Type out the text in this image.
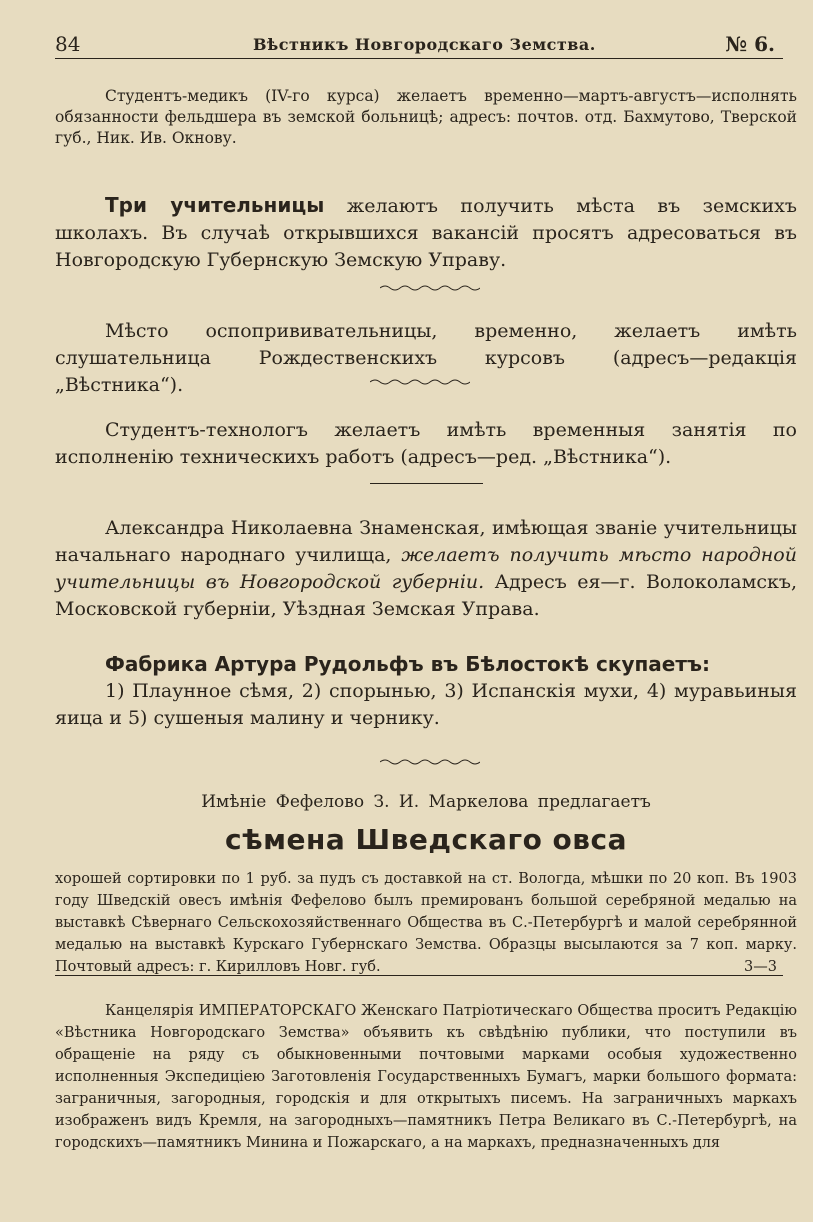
84	Вѣстникъ Новгородскаго Земства.	№ 6.

Студентъ-медикъ (IV-го курса) желаетъ временно—мартъ-августъ—исполнять обязанности фельдшера въ земской больницѣ; адресъ: почтов. отд. Бахмутово, Тверской губ., Ник. Ив. Окнову.

Три учительницы желаютъ получить мѣста въ земскихъ школахъ. Въ случаѣ открывшихся вакансій просятъ адресоваться въ Новгородскую Губернскую Земскую Управу.

Мѣсто оспопрививательницы, временно, желаетъ имѣть слушательница Рождественскихъ курсовъ (адресъ—редакція „Вѣстника“).

Студентъ-технологъ желаетъ имѣть временныя занятія по исполненію техническихъ работъ (адресъ—ред. „Вѣстника“).

Александра Николаевна Знаменская, имѣющая званіе учительницы начальнаго народнаго училища, желаетъ получить мѣсто народной учительницы въ Новгородской губерніи. Адресъ ея—г. Волоколамскъ, Московской губерніи, Уѣздная Земская Управа.

Фабрика Артура Рудольфъ въ Бѣлостокѣ скупаетъ:

1) Плаунное сѣмя, 2) спорынью, 3) Испанскія мухи, 4) муравьиныя яица и 5) сушеныя малину и чернику.

Имѣніе Фефелово З. И. Маркелова предлагаетъ

сѣмена Шведскаго овса

хорошей сортировки по 1 руб. за пудъ съ доставкой на ст. Вологда, мѣшки по 20 коп. Въ 1903 году Шведскій овесъ имѣнія Фефелово былъ премированъ большой серебряной медалью на выставкѣ Сѣвернаго Сельскохозяйственнаго Общества въ С.-Петербургѣ и малой серебрянной медалью на выставкѣ Курскаго Губернскаго Земства. Образцы высылаются за 7 коп. марку. Почтовый адресъ: г. Кирилловъ Новг. губ.	3—3

Канцелярія ИМПЕРАТОРСКАГО Женскаго Патріотическаго Общества проситъ Редакцію «Вѣстника Новгородскаго Земства» объявить къ свѣдѣнію публики, что поступили въ обращеніе на ряду съ обыкновенными почтовыми марками особыя художественно исполненныя Экспедиціею Заготовленія Государственныхъ Бумагъ, марки большого формата: заграничныя, загородныя, городскія и для открытыхъ писемъ. На заграничныхъ маркахъ изображенъ видъ Кремля, на загородныхъ—памятникъ Петра Великаго въ С.-Петербургѣ, на городскихъ—памятникъ Минина и Пожарскаго, а на маркахъ, предназначенныхъ для
